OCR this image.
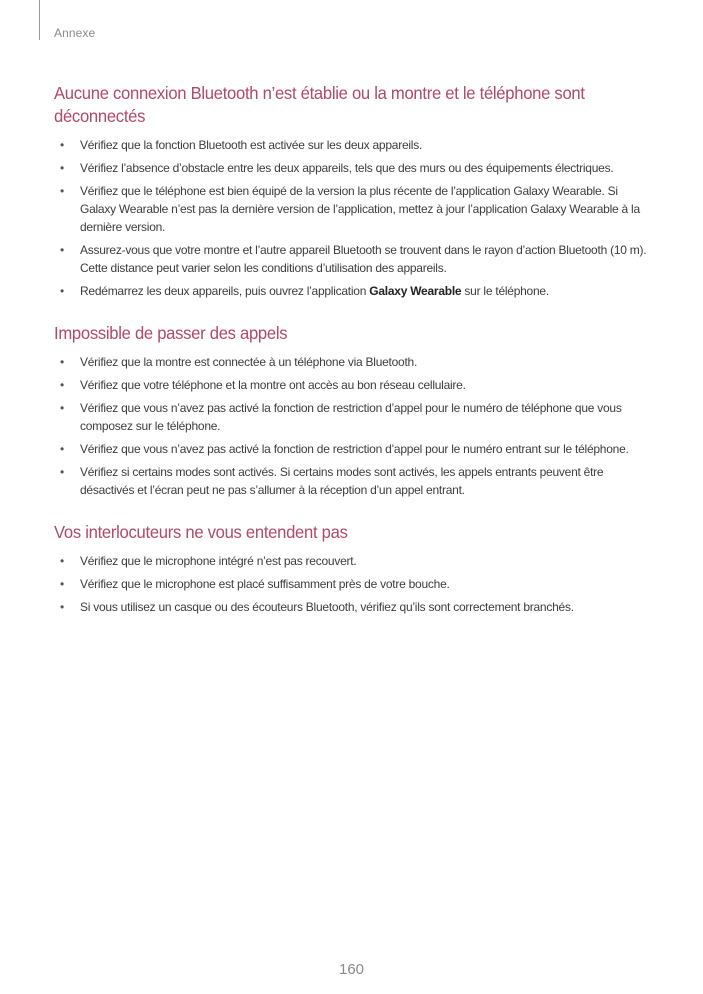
Annexe
Aucune connexion Bluetooth n’est établie ou la montre et le téléphone sont déconnectés
• Vérifiez que la fonction Bluetooth est activée sur les deux appareils.
• Vérifiez l’absence d’obstacle entre les deux appareils, tels que des murs ou des équipements électriques.
• Vérifiez que le téléphone est bien équipé de la version la plus récente de l’application Galaxy Wearable. Si Galaxy Wearable n’est pas la dernière version de l’application, mettez à jour l’application Galaxy Wearable à la dernière version.
• Assurez-vous que votre montre et l’autre appareil Bluetooth se trouvent dans le rayon d’action Bluetooth (10 m). Cette distance peut varier selon les conditions d’utilisation des appareils.
• Redémarrez les deux appareils, puis ouvrez l’application Galaxy Wearable sur le téléphone.
Impossible de passer des appels
• Vérifiez que la montre est connectée à un téléphone via Bluetooth.
• Vérifiez que votre téléphone et la montre ont accès au bon réseau cellulaire.
• Vérifiez que vous n’avez pas activé la fonction de restriction d’appel pour le numéro de téléphone que vous composez sur le téléphone.
• Vérifiez que vous n’avez pas activé la fonction de restriction d’appel pour le numéro entrant sur le téléphone.
• Vérifiez si certains modes sont activés. Si certains modes sont activés, les appels entrants peuvent être désactivés et l’écran peut ne pas s’allumer à la réception d’un appel entrant.
Vos interlocuteurs ne vous entendent pas
• Vérifiez que le microphone intégré n’est pas recouvert.
• Vérifiez que le microphone est placé suffisamment près de votre bouche.
• Si vous utilisez un casque ou des écouteurs Bluetooth, vérifiez qu’ils sont correctement branchés.
160
